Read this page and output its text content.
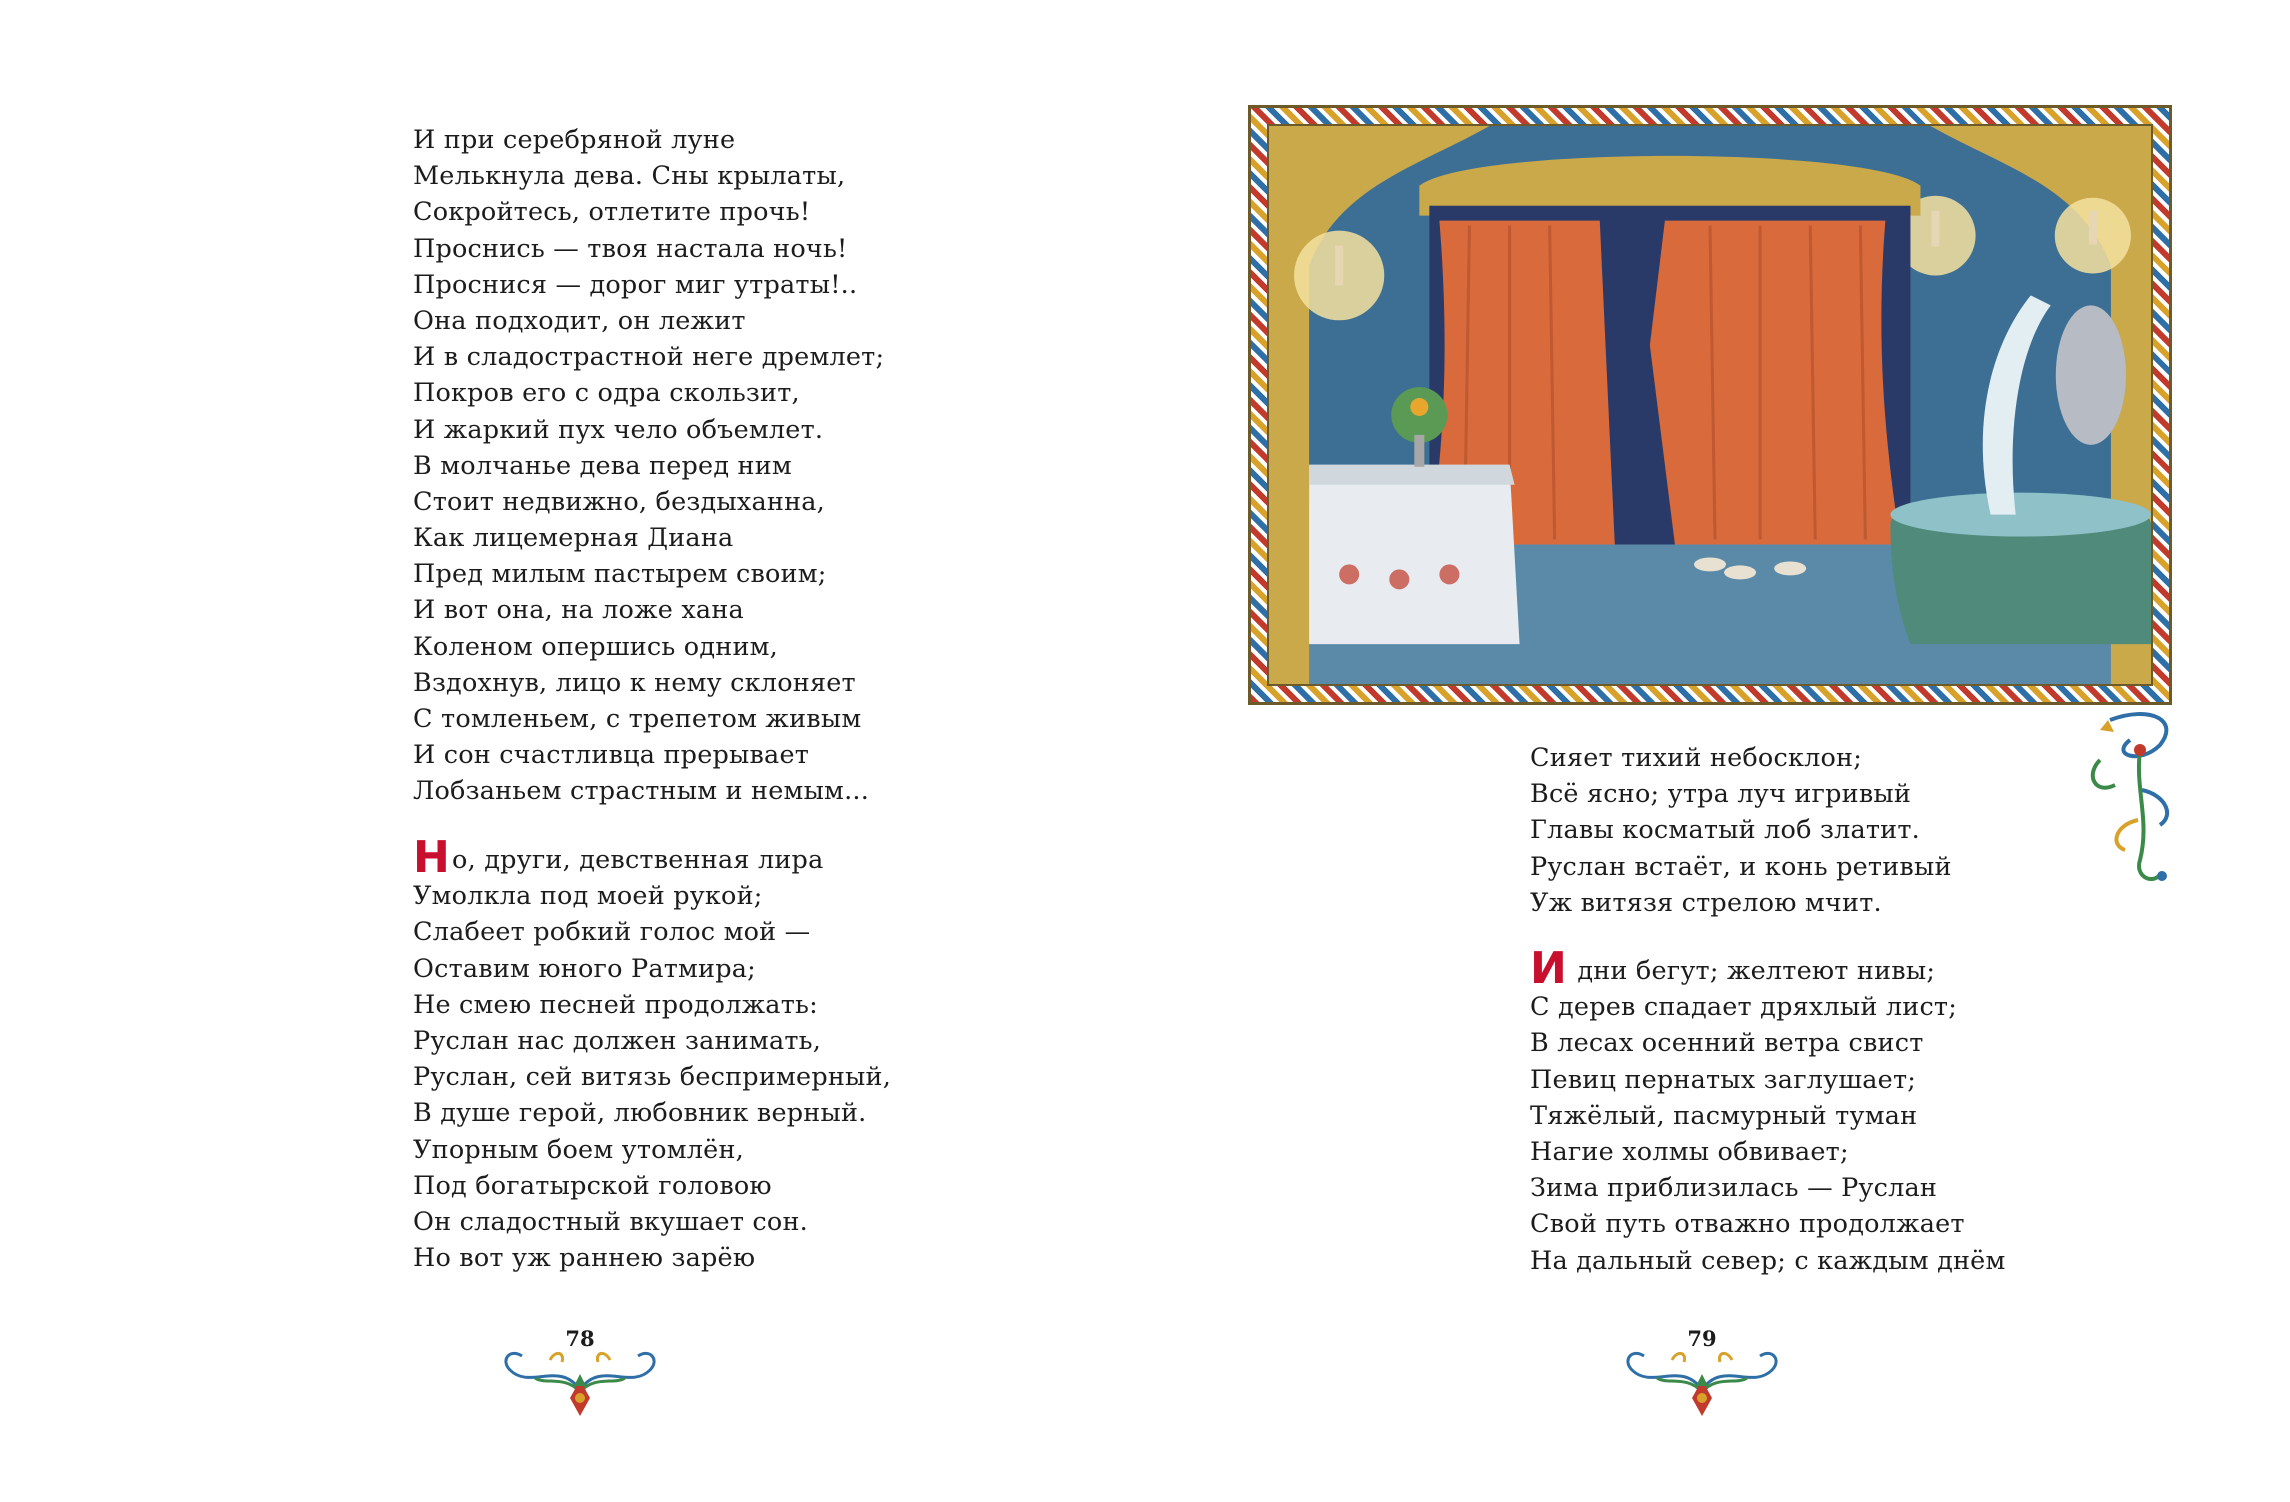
И при серебряной луне
Мелькнула дева. Сны крылаты,
Сокройтесь, отлетите прочь!
Проснись — твоя настала ночь!
Проснися — дорог миг утраты!..
Она подходит, он лежит
И в сладострастной неге дремлет;
Покров его с одра скользит,
И жаркий пух чело объемлет.
В молчанье дева перед ним
Стоит недвижно, бездыханна,
Как лицемерная Диана
Пред милым пастырем своим;
И вот она, на ложе хана
Коленом опершись одним,
Вздохнув, лицо к нему склоняет
С томленьем, с трепетом живым
И сон счастливца прерывает
Лобзаньем страстным и немым...
Но, други, девственная лира
Умолкла под моей рукой;
Слабеет робкий голос мой —
Оставим юного Ратмира;
Не смею песней продолжать:
Руслан нас должен занимать,
Руслан, сей витязь беспримерный,
В душе герой, любовник верный.
Упорным боем утомлён,
Под богатырской головою
Он сладостный вкушает сон.
Но вот уж раннею зарёю
78
Сияет тихий небосклон;
Всё ясно; утра луч игривый
Главы косматый лоб златит.
Руслан встаёт, и конь ретивый
Уж витязя стрелою мчит.
И дни бегут; желтеют нивы;
С дерев спадает дряхлый лист;
В лесах осенний ветра свист
Певиц пернатых заглушает;
Тяжёлый, пасмурный туман
Нагие холмы обвивает;
Зима приблизилась — Руслан
Свой путь отважно продолжает
На дальный север; с каждым днём
79
